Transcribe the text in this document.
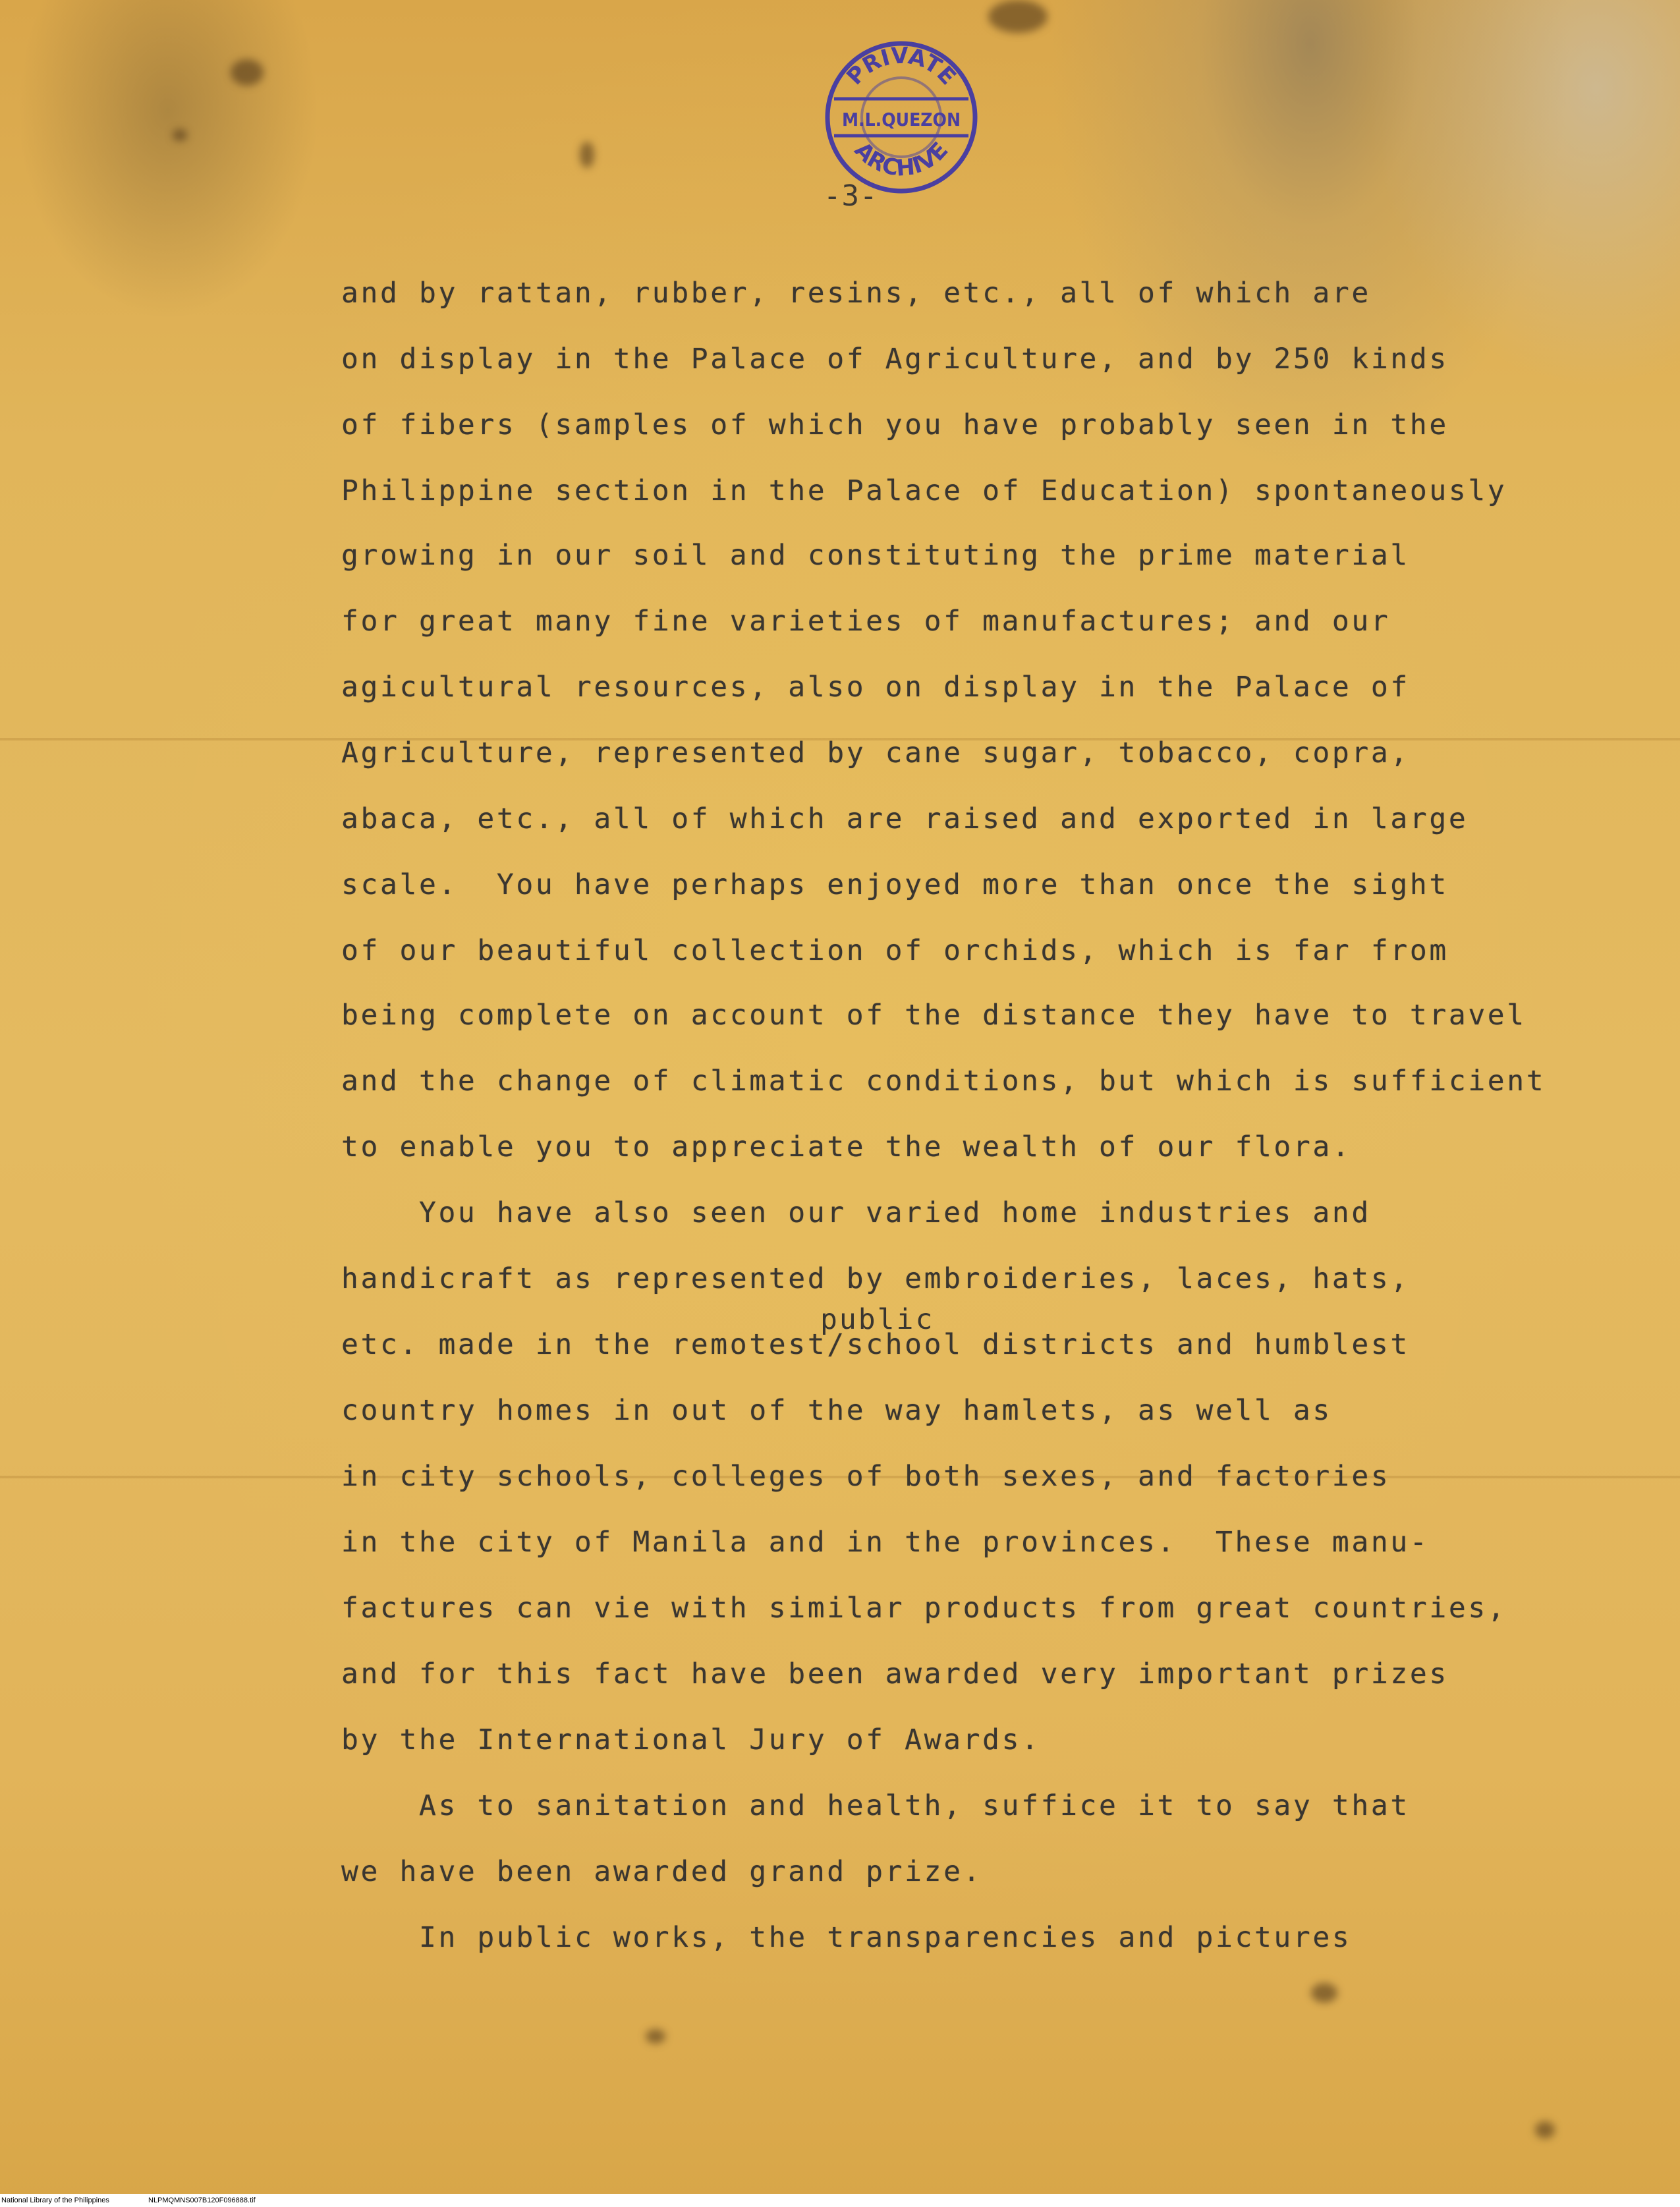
PRIVATE
M.L.QUEZON
ARCHIVE
-3-
and by rattan, rubber, resins, etc., all of which are
on display in the Palace of Agriculture, and by 250 kinds
of fibers (samples of which you have probably seen in the
Philippine section in the Palace of Education) spontaneously
growing in our soil and constituting the prime material
for great many fine varieties of manufactures; and our
agicultural resources, also on display in the Palace of
Agriculture, represented by cane sugar, tobacco, copra,
abaca, etc., all of which are raised and exported in large
scale.  You have perhaps enjoyed more than once the sight
of our beautiful collection of orchids, which is far from
being complete on account of the distance they have to travel
and the change of climatic conditions, but which is sufficient
to enable you to appreciate the wealth of our flora.
You have also seen our varied home industries and
handicraft as represented by embroideries, laces, hats,
public
etc. made in the remotest/school districts and humblest
country homes in out of the way hamlets, as well as
in city schools, colleges of both sexes, and factories
in the city of Manila and in the provinces.  These manu-
factures can vie with similar products from great countries,
and for this fact have been awarded very important prizes
by the International Jury of Awards.
As to sanitation and health, suffice it to say that
we have been awarded grand prize.
In public works, the transparencies and pictures
National Library of the Philippines	NLPMQMNS007B120F096888.tif
